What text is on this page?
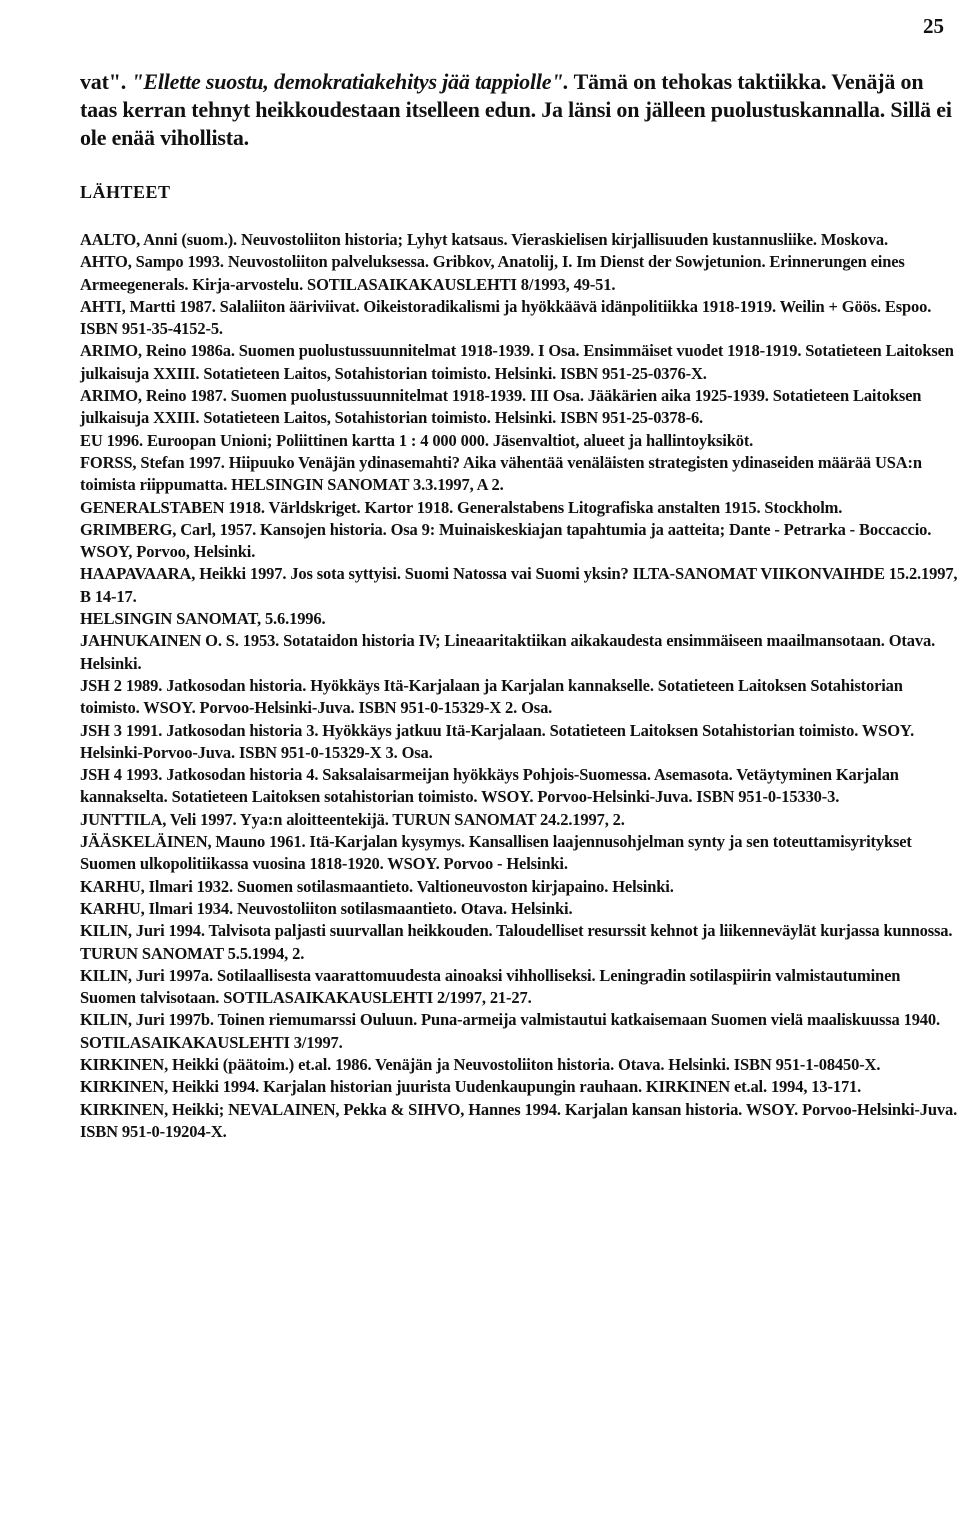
25

vat". "Ellette suostu, demokratiakehitys jää tappiolle". Tämä on tehokas taktiikka. Venäjä on taas kerran tehnyt heikkoudestaan itselleen edun. Ja länsi on jälleen puolustuskannalla. Sillä ei ole enää vihollista.

LÄHTEET
AALTO, Anni (suom.). Neuvostoliiton historia; Lyhyt katsaus. Vieraskielisen kirjallisuuden kustannusliike. Moskova.
AHTO, Sampo 1993. Neuvostoliiton palveluksessa. Gribkov, Anatolij, I. Im Dienst der Sowjetunion. Erinnerungen eines Armeegenerals. Kirja-arvostelu. SOTILASAIKAKAUSLEHTI 8/1993, 49-51.
AHTI, Martti 1987. Salaliiton ääriviivat. Oikeistoradikalismi ja hyökkäävä idänpolitiikka 1918-1919. Weilin + Göös. Espoo. ISBN 951-35-4152-5.
ARIMO, Reino 1986a. Suomen puolustussuunnitelmat 1918-1939. I Osa. Ensimmäiset vuodet 1918-1919. Sotatieteen Laitoksen julkaisuja XXIII. Sotatieteen Laitos, Sotahistorian toimisto. Helsinki. ISBN 951-25-0376-X.
ARIMO, Reino 1987. Suomen puolustussuunnitelmat 1918-1939. III Osa. Jääkärien aika 1925-1939. Sotatieteen Laitoksen julkaisuja XXIII. Sotatieteen Laitos, Sotahistorian toimisto. Helsinki. ISBN 951-25-0378-6.
EU 1996. Euroopan Unioni; Poliittinen kartta 1 : 4 000 000. Jäsenvaltiot, alueet ja hallintoyksiköt.
FORSS, Stefan 1997. Hiipuuko Venäjän ydinasemahti? Aika vähentää venäläisten strategisten ydinaseiden määrää USA:n toimista riippumatta. HELSINGIN SANOMAT 3.3.1997, A 2.
GENERALSTABEN 1918. Världskriget. Kartor 1918. Generalstabens Litografiska anstalten 1915. Stockholm.
GRIMBERG, Carl, 1957. Kansojen historia. Osa 9: Muinaiskeskiajan tapahtumia ja aatteita; Dante - Petrarka - Boccaccio. WSOY, Porvoo, Helsinki.
HAAPAVAARA, Heikki 1997. Jos sota syttyisi. Suomi Natossa vai Suomi yksin? ILTA-SANOMAT VIIKONVAIHDE 15.2.1997, B 14-17.
HELSINGIN SANOMAT, 5.6.1996.
JAHNUKAINEN O. S. 1953. Sotataidon historia IV; Lineaaritaktiikan aikakaudesta ensimmäiseen maailmansotaan. Otava. Helsinki.
JSH 2 1989. Jatkosodan historia. Hyökkäys Itä-Karjalaan ja Karjalan kannakselle. Sotatieteen Laitoksen Sotahistorian toimisto. WSOY. Porvoo-Helsinki-Juva. ISBN 951-0-15329-X 2. Osa.
JSH 3 1991. Jatkosodan historia 3. Hyökkäys jatkuu Itä-Karjalaan. Sotatieteen Laitoksen Sotahistorian toimisto. WSOY. Helsinki-Porvoo-Juva. ISBN 951-0-15329-X 3. Osa.
JSH 4 1993. Jatkosodan historia 4. Saksalaisarmeijan hyökkäys Pohjois-Suomessa. Asemasota. Vetäytyminen Karjalan kannakselta. Sotatieteen Laitoksen sotahistorian toimisto. WSOY. Porvoo-Helsinki-Juva. ISBN 951-0-15330-3.
JUNTTILA, Veli 1997. Yya:n aloitteentekijä. TURUN SANOMAT 24.2.1997, 2.
JÄÄSKELÄINEN, Mauno 1961. Itä-Karjalan kysymys. Kansallisen laajennusohjelman synty ja sen toteuttamisyritykset Suomen ulkopolitiikassa vuosina 1818-1920. WSOY. Porvoo - Helsinki.
KARHU, Ilmari 1932. Suomen sotilasmaantieto. Valtioneuvoston kirjapaino. Helsinki.
KARHU, Ilmari 1934. Neuvostoliiton sotilasmaantieto. Otava. Helsinki.
KILIN, Juri 1994. Talvisota paljasti suurvallan heikkouden. Taloudelliset resurssit kehnot ja liikenneväylät kurjassa kunnossa. TURUN SANOMAT 5.5.1994, 2.
KILIN, Juri 1997a. Sotilaallisesta vaarattomuudesta ainoaksi vihholliseksi. Leningradin sotilaspiirin valmistautuminen Suomen talvisotaan. SOTILASAIKAKAUSLEHTI 2/1997, 21-27.
KILIN, Juri 1997b. Toinen riemumarssi Ouluun. Puna-armeija valmistautui katkaisemaan Suomen vielä maaliskuussa 1940. SOTILASAIKAKAUSLEHTI 3/1997.
KIRKINEN, Heikki (päätoim.) et.al. 1986. Venäjän ja Neuvostoliiton historia. Otava. Helsinki. ISBN 951-1-08450-X.
KIRKINEN, Heikki 1994. Karjalan historian juurista Uudenkaupungin rauhaan. KIRKINEN et.al. 1994, 13-171.
KIRKINEN, Heikki; NEVALAINEN, Pekka & SIHVO, Hannes 1994. Karjalan kansan historia. WSOY. Porvoo-Helsinki-Juva. ISBN 951-0-19204-X.
